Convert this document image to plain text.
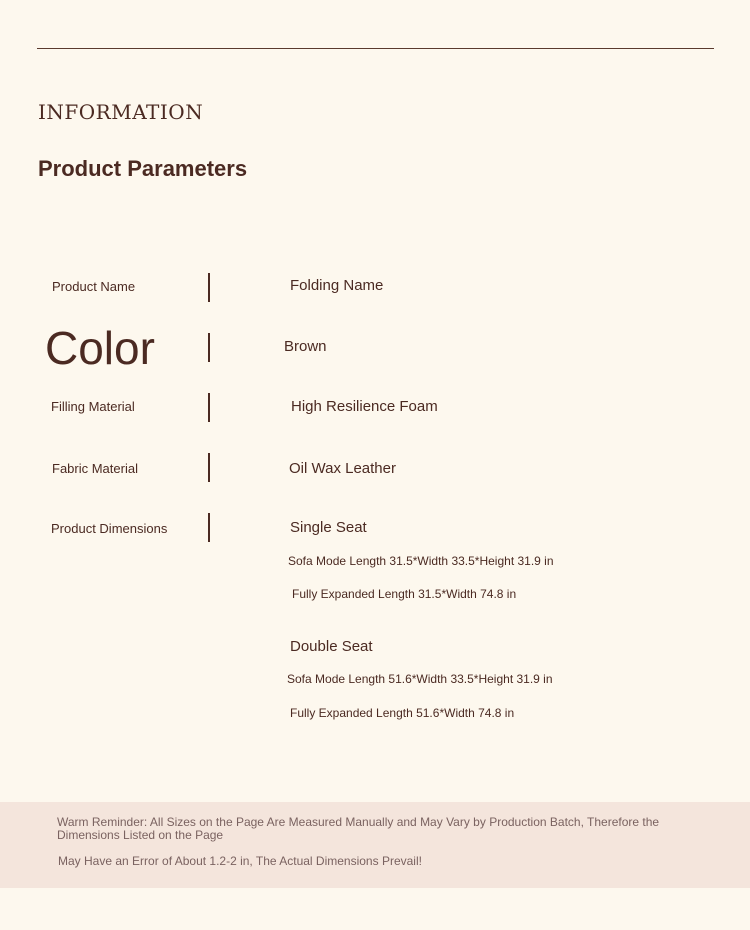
INFORMATION
Product Parameters
Product Name	Folding Name
Color	Brown
Filling Material	High Resilience Foam
Fabric Material	Oil Wax Leather
Product Dimensions	Single Seat
Sofa Mode Length 31.5*Width 33.5*Height 31.9 in
Fully Expanded Length 31.5*Width 74.8 in
Double Seat
Sofa Mode Length 51.6*Width 33.5*Height 31.9 in
Fully Expanded Length 51.6*Width 74.8 in
Warm Reminder: All Sizes on the Page Are Measured Manually and May Vary by Production Batch, Therefore the Dimensions Listed on the Page
May Have an Error of About 1.2-2 in, The Actual Dimensions Prevail!
